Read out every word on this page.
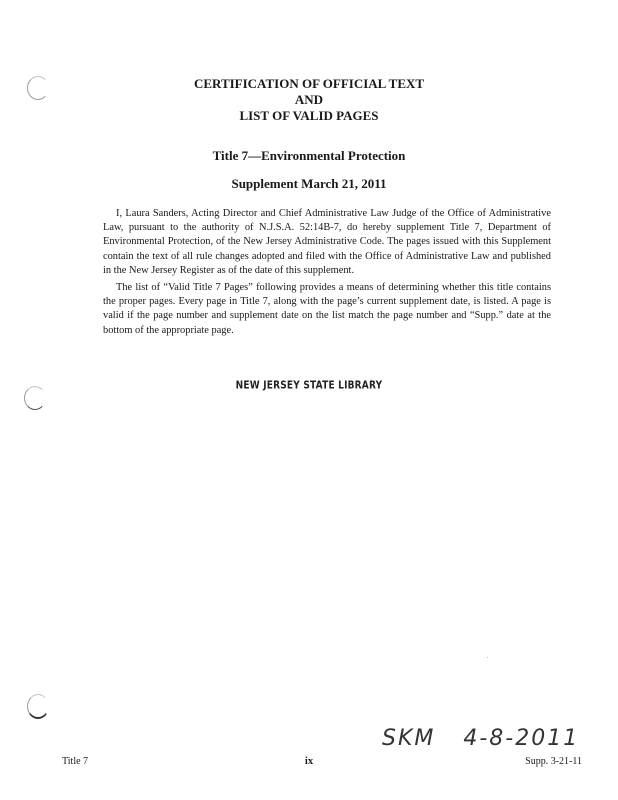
CERTIFICATION OF OFFICIAL TEXT
AND
LIST OF VALID PAGES
Title 7—Environmental Protection
Supplement March 21, 2011

I, Laura Sanders, Acting Director and Chief Administrative Law Judge of the Office of Administrative Law, pursuant to the authority of N.J.S.A. 52:14B-7, do hereby supplement Title 7, Department of Environmental Protection, of the New Jersey Administrative Code. The pages issued with this Supplement contain the text of all rule changes adopted and filed with the Office of Administrative Law and published in the New Jersey Register as of the date of this supplement.

The list of “Valid Title 7 Pages” following provides a means of determining whether this title contains the proper pages. Every page in Title 7, along with the page’s current supplement date, is listed. A page is valid if the page number and supplement date on the list match the page number and “Supp.” date at the bottom of the appropriate page.

NEW JERSEY STATE LIBRARY
SKM 4-8-2011
Title 7	ix	Supp. 3-21-11
